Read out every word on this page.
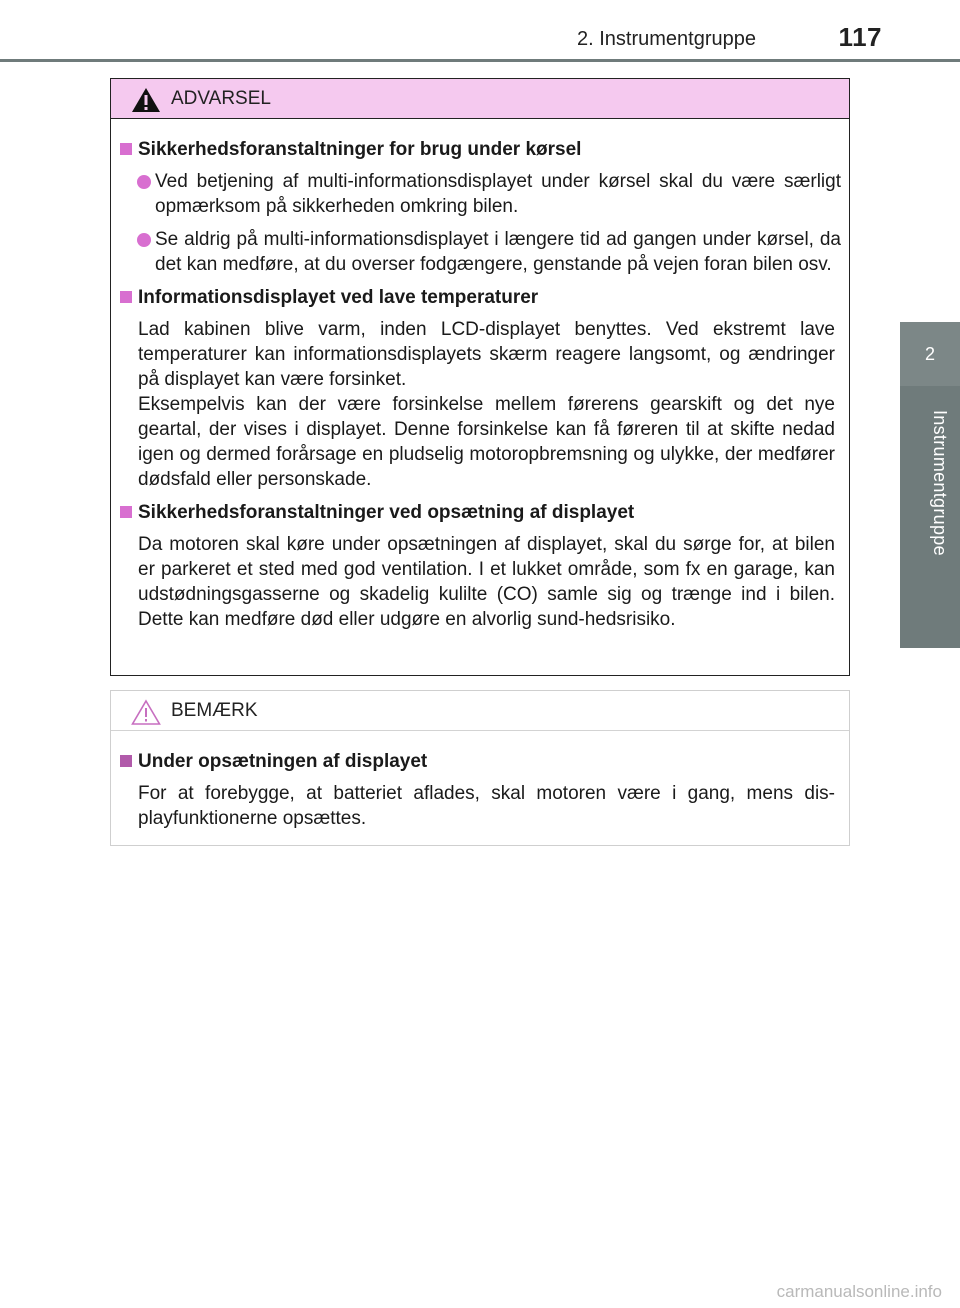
2. Instrumentgruppe	117
2
Instrumentgruppe
ADVARSEL
Sikkerhedsforanstaltninger for brug under kørsel
Ved betjening af multi-informationsdisplayet under kørsel skal du være særligt opmærksom på sikkerheden omkring bilen.
Se aldrig på multi-informationsdisplayet i længere tid ad gangen under kørsel, da det kan medføre, at du overser fodgængere, genstande på vejen foran bilen osv.
Informationsdisplayet ved lave temperaturer

Lad kabinen blive varm, inden LCD-displayet benyttes. Ved ekstremt lave temperaturer kan informationsdisplayets skærm reagere langsomt, og ændringer på displayet kan være forsinket.

Eksempelvis kan der være forsinkelse mellem førerens gearskift og det nye geartal, der vises i displayet. Denne forsinkelse kan få føreren til at skifte nedad igen og dermed forårsage en pludselig motoropbremsning og ulykke, der medfører dødsfald eller personskade.

Sikkerhedsforanstaltninger ved opsætning af displayet

Da motoren skal køre under opsætningen af displayet, skal du sørge for, at bilen er parkeret et sted med god ventilation. I et lukket område, som fx en garage, kan udstødningsgasserne og skadelig kulilte (CO) samle sig og trænge ind i bilen. Dette kan medføre død eller udgøre en alvorlig sund-hedsrisiko.

BEMÆRK
Under opsætningen af displayet

For at forebygge, at batteriet aflades, skal motoren være i gang, mens dis-playfunktionerne opsættes.

carmanualsonline.info
